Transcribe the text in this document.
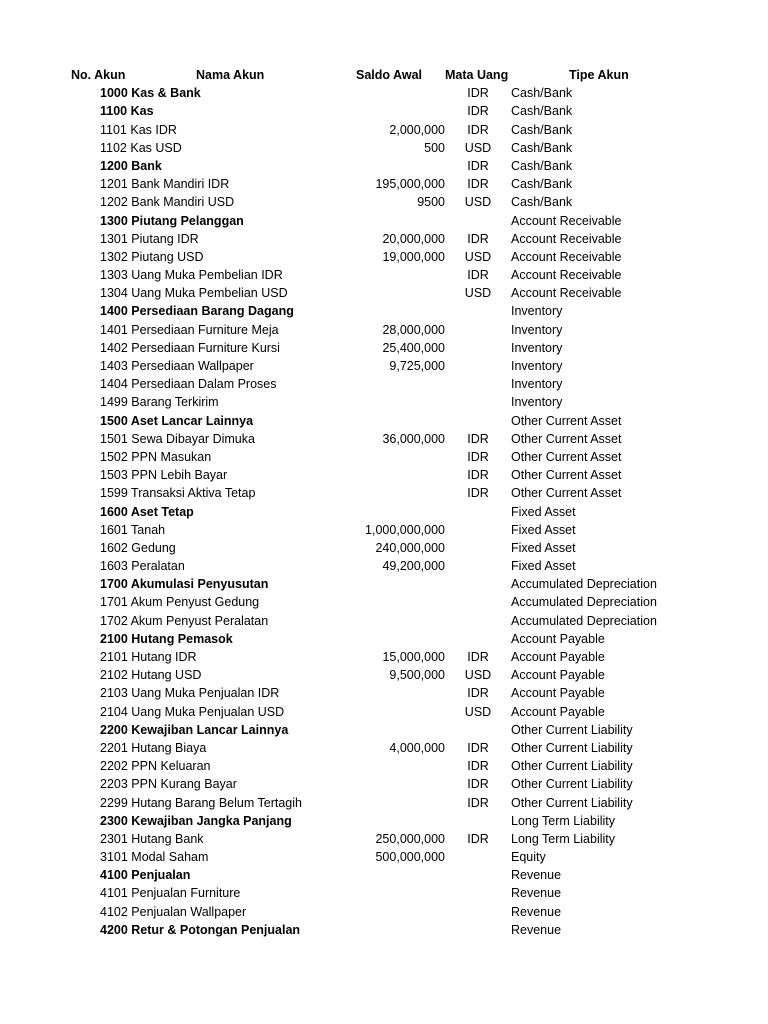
No. Akun	Nama Akun	Saldo Awal Mata Uang	Tipe Akun
1000 Kas & Bank	IDR Cash/Bank
1100 Kas	IDR Cash/Bank
1101 Kas IDR	2,000,000 IDR Cash/Bank
1102 Kas USD	500 USD Cash/Bank
1200 Bank	IDR Cash/Bank
1201 Bank Mandiri IDR	195,000,000 IDR Cash/Bank
1202 Bank Mandiri USD	9500 USD Cash/Bank
1300 Piutang Pelanggan	Account Receivable
1301 Piutang IDR	20,000,000 IDR Account Receivable
1302 Piutang USD	19,000,000 USD Account Receivable
1303 Uang Muka Pembelian IDR	IDR Account Receivable
1304 Uang Muka Pembelian USD	USD Account Receivable
1400 Persediaan Barang Dagang	Inventory
1401 Persediaan Furniture Meja	28,000,000	Inventory
1402 Persediaan Furniture Kursi	25,400,000	Inventory
1403 Persediaan Wallpaper	9,725,000	Inventory
1404 Persediaan Dalam Proses	Inventory
1499 Barang Terkirim	Inventory
1500 Aset Lancar Lainnya	Other Current Asset
1501 Sewa Dibayar Dimuka	36,000,000 IDR Other Current Asset
1502 PPN Masukan	IDR Other Current Asset
1503 PPN Lebih Bayar	IDR Other Current Asset
1599 Transaksi Aktiva Tetap	IDR Other Current Asset
1600 Aset Tetap	Fixed Asset
1601 Tanah	1,000,000,000	Fixed Asset
1602 Gedung	240,000,000	Fixed Asset
1603 Peralatan	49,200,000	Fixed Asset
1700 Akumulasi Penyusutan	Accumulated Depreciation
1701 Akum Penyust Gedung	Accumulated Depreciation
1702 Akum Penyust Peralatan	Accumulated Depreciation
2100 Hutang Pemasok	Account Payable
2101 Hutang IDR	15,000,000 IDR Account Payable
2102 Hutang USD	9,500,000 USD Account Payable
2103 Uang Muka Penjualan IDR	IDR Account Payable
2104 Uang Muka Penjualan USD	USD Account Payable
2200 Kewajiban Lancar Lainnya	Other Current Liability
2201 Hutang Biaya	4,000,000 IDR Other Current Liability
2202 PPN Keluaran	IDR Other Current Liability
2203 PPN Kurang Bayar	IDR Other Current Liability
2299 Hutang Barang Belum Tertagih	IDR Other Current Liability
2300 Kewajiban Jangka Panjang	Long Term Liability
2301 Hutang Bank	250,000,000 IDR Long Term Liability
3101 Modal Saham	500,000,000	Equity
4100 Penjualan	Revenue
4101 Penjualan Furniture	Revenue
4102 Penjualan Wallpaper	Revenue
4200 Retur & Potongan Penjualan	Revenue
